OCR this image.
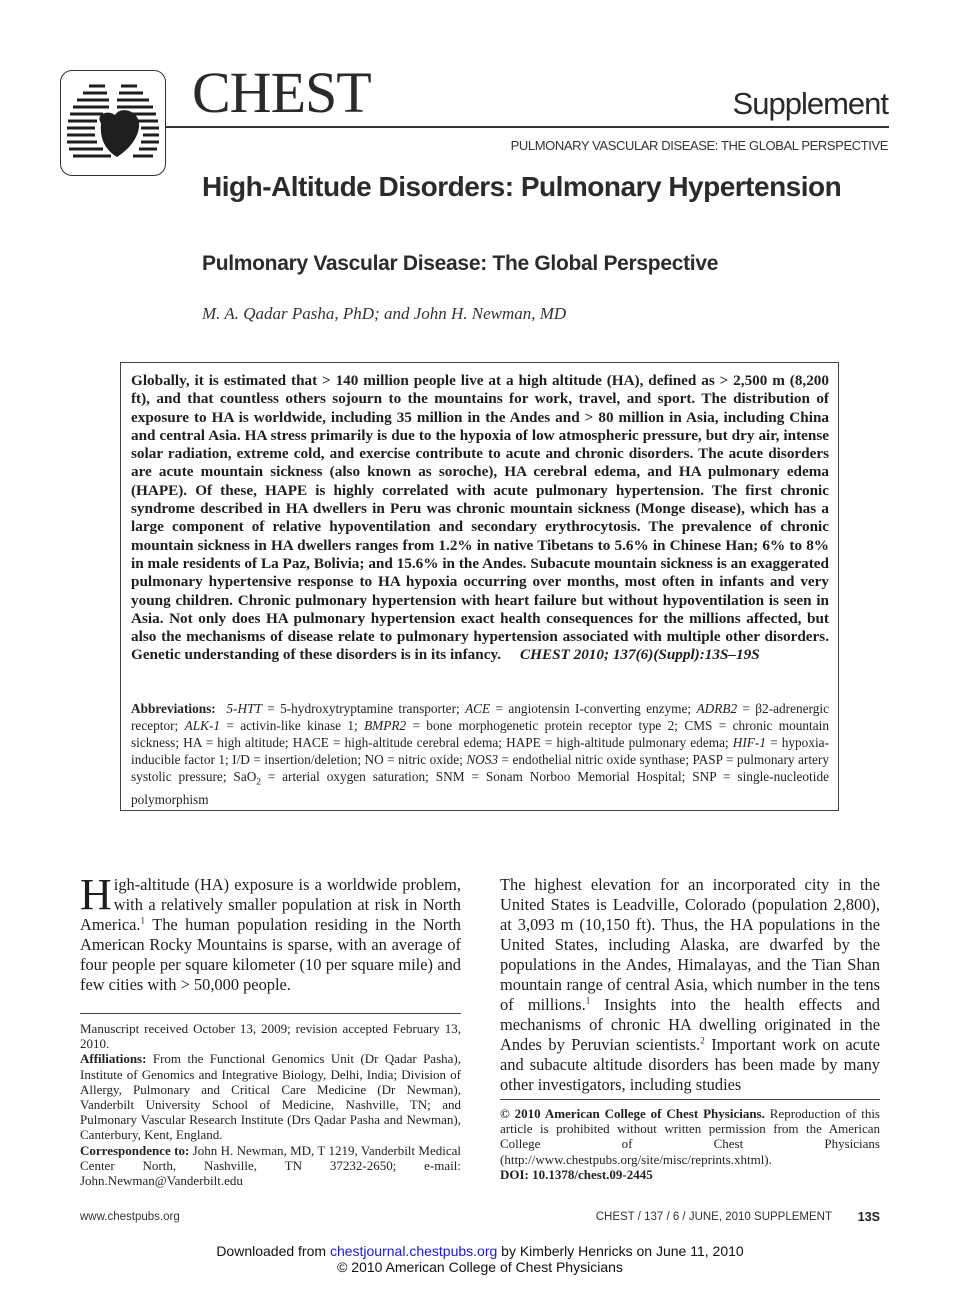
CHEST	Supplement
PULMONARY VASCULAR DISEASE: THE GLOBAL PERSPECTIVE
High-Altitude Disorders: Pulmonary Hypertension
Pulmonary Vascular Disease: The Global Perspective
M. A. Qadar Pasha, PhD; and John H. Newman, MD
Globally, it is estimated that > 140 million people live at a high altitude (HA), defined as > 2,500 m (8,200 ft), and that countless others sojourn to the mountains for work, travel, and sport. The distribution of exposure to HA is worldwide, including 35 million in the Andes and > 80 million in Asia, including China and central Asia. HA stress primarily is due to the hypoxia of low atmospheric pressure, but dry air, intense solar radiation, extreme cold, and exercise contribute to acute and chronic disorders. The acute disorders are acute mountain sickness (also known as soroche), HA cerebral edema, and HA pulmonary edema (HAPE). Of these, HAPE is highly correlated with acute pulmonary hypertension. The first chronic syndrome described in HA dwellers in Peru was chronic mountain sickness (Monge disease), which has a large component of relative hypoventilation and secondary erythrocytosis. The prevalence of chronic mountain sickness in HA dwellers ranges from 1.2% in native Tibetans to 5.6% in Chinese Han; 6% to 8% in male residents of La Paz, Bolivia; and 15.6% in the Andes. Subacute mountain sickness is an exaggerated pulmonary hypertensive response to HA hypoxia occurring over months, most often in infants and very young children. Chronic pulmonary hypertension with heart failure but without hypoventilation is seen in Asia. Not only does HA pulmonary hypertension exact health consequences for the millions affected, but also the mechanisms of disease relate to pulmonary hypertension associated with multiple other disorders. Genetic understanding of these disorders is in its infancy. CHEST 2010; 137(6)(Suppl):13S–19S
Abbreviations: 5-HTT = 5-hydroxytryptamine transporter; ACE = angiotensin I-converting enzyme; ADRB2 = β2-adrenergic receptor; ALK-1 = activin-like kinase 1; BMPR2 = bone morphogenetic protein receptor type 2; CMS = chronic mountain sickness; HA = high altitude; HACE = high-altitude cerebral edema; HAPE = high-altitude pulmonary edema; HIF-1 = hypoxia-inducible factor 1; I/D = insertion/deletion; NO = nitric oxide; NOS3 = endothelial nitric oxide synthase; PASP = pulmonary artery systolic pressure; SaO$_2$ = arterial oxygen saturation; SNM = Sonam Norboo Memorial Hospital; SNP = single-nucleotide polymorphism
High-altitude (HA) exposure is a worldwide problem, with a relatively smaller population at risk in North America.$^1$ The human population residing in the North American Rocky Mountains is sparse, with an average of four people per square kilometer (10 per square mile) and few cities with > 50,000 people.

Manuscript received October 13, 2009; revision accepted February 13, 2010.

Affiliations: From the Functional Genomics Unit (Dr Qadar Pasha), Institute of Genomics and Integrative Biology, Delhi, India; Division of Allergy, Pulmonary and Critical Care Medicine (Dr Newman), Vanderbilt University School of Medicine, Nashville, TN; and Pulmonary Vascular Research Institute (Drs Qadar Pasha and Newman), Canterbury, Kent, England.

Correspondence to: John H. Newman, MD, T 1219, Vanderbilt Medical Center North, Nashville, TN 37232-2650; e-mail: John.Newman@Vanderbilt.edu

The highest elevation for an incorporated city in the United States is Leadville, Colorado (population 2,800), at 3,093 m (10,150 ft). Thus, the HA populations in the United States, including Alaska, are dwarfed by the populations in the Andes, Himalayas, and the Tian Shan mountain range of central Asia, which number in the tens of millions.$^1$ Insights into the health effects and mechanisms of chronic HA dwelling originated in the Andes by Peruvian scientists.$^2$ Important work on acute and subacute altitude disorders has been made by many other investigators, including studies

© 2010 American College of Chest Physicians. Reproduction of this article is prohibited without written permission from the American College of Chest Physicians (http://www.chestpubs.org/site/misc/reprints.xhtml).

DOI: 10.1378/chest.09-2445

www.chestpubs.org	CHEST / 137 / 6 / JUNE, 2010 SUPPLEMENT	13S
Downloaded from chestjournal.chestpubs.org by Kimberly Henricks on June 11, 2010
© 2010 American College of Chest Physicians
